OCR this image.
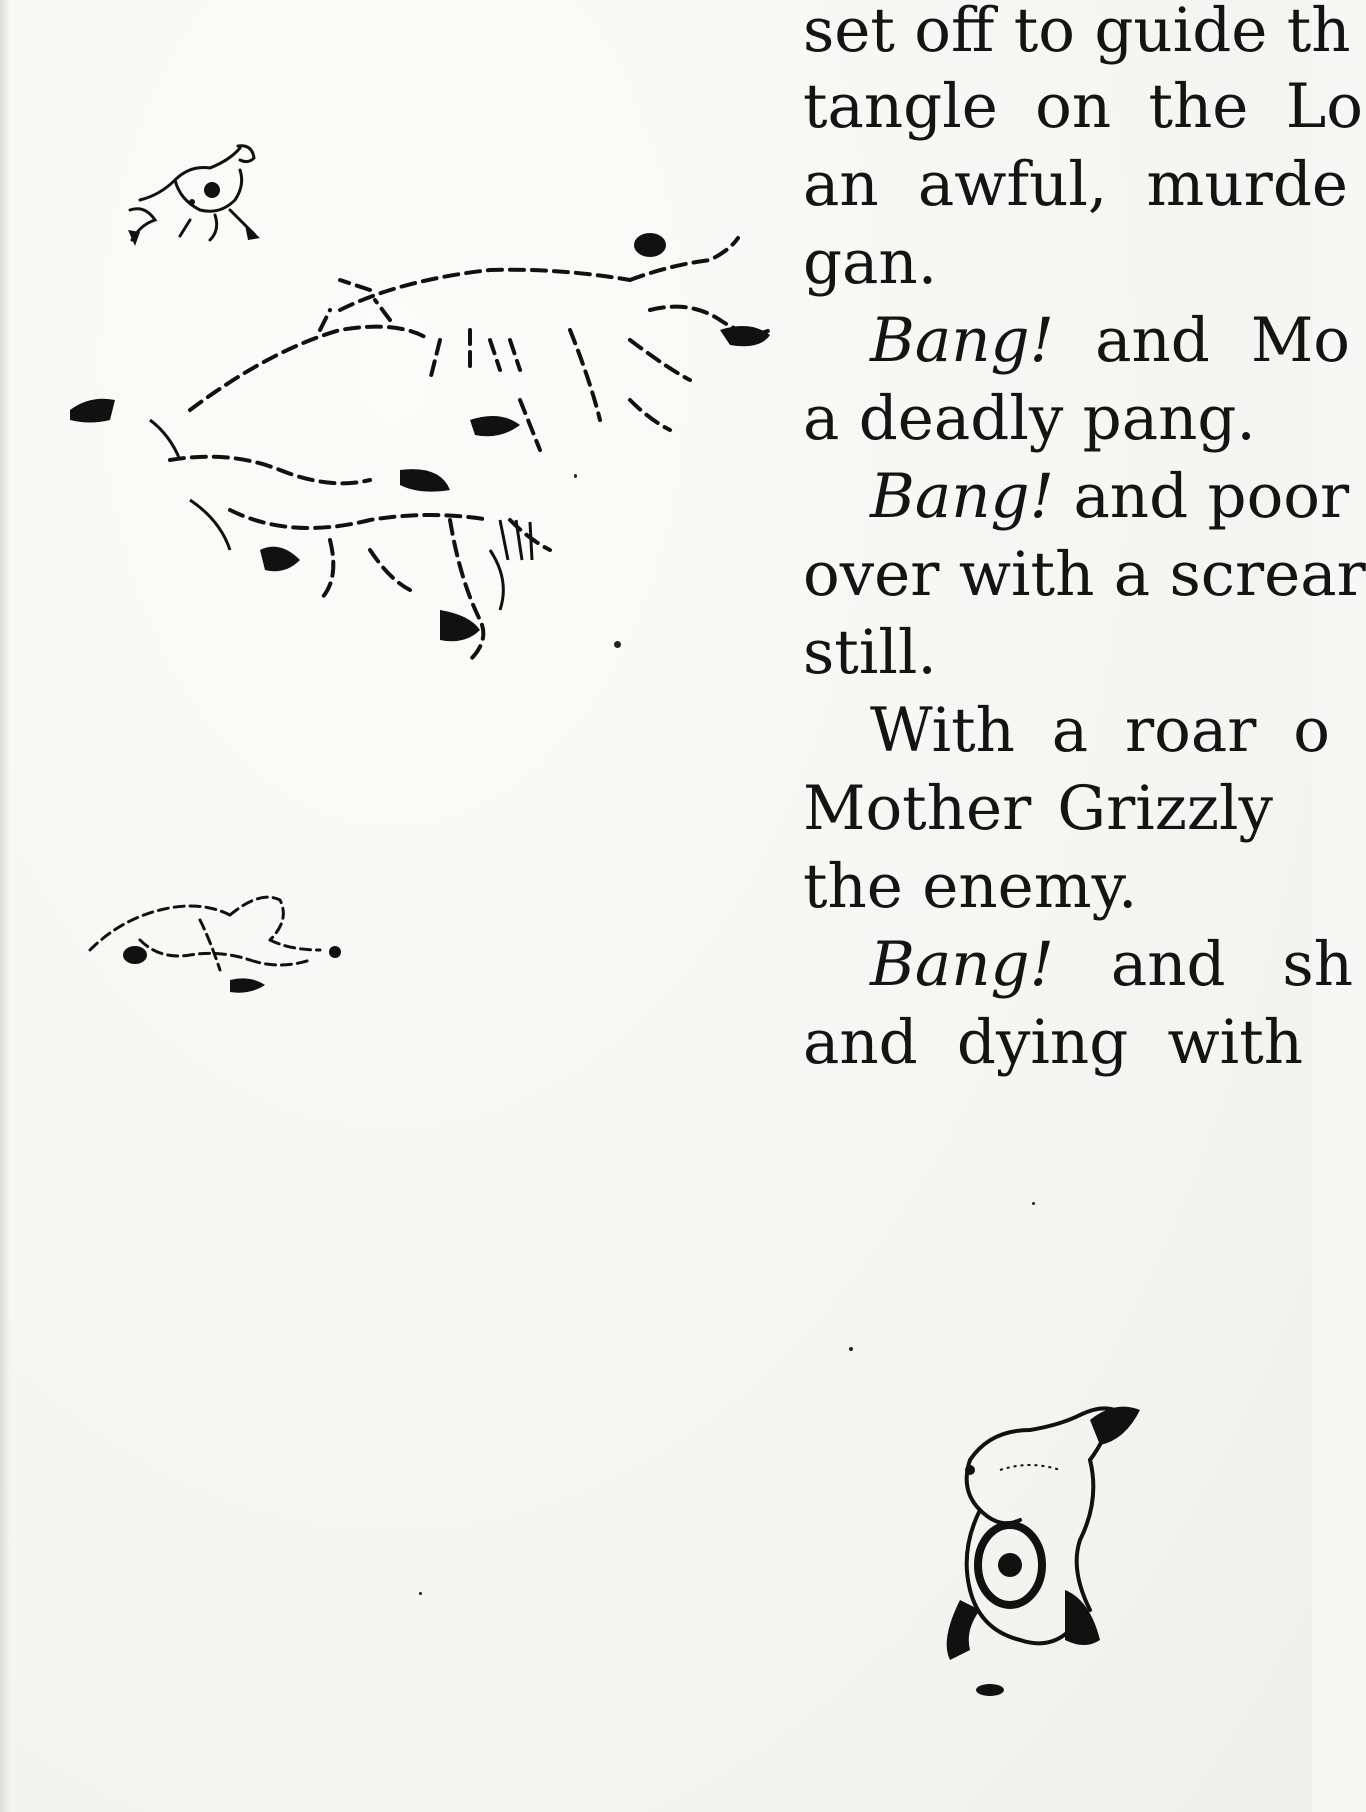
set off to guide th
tangle on the Lo
an awful, murde
gan.
Bang! and Mo
a deadly pang.
Bang! and poor
over with a screar
still.
With a roar o
Mother Grizzly
the enemy.
Bang! and sh
and dying with
